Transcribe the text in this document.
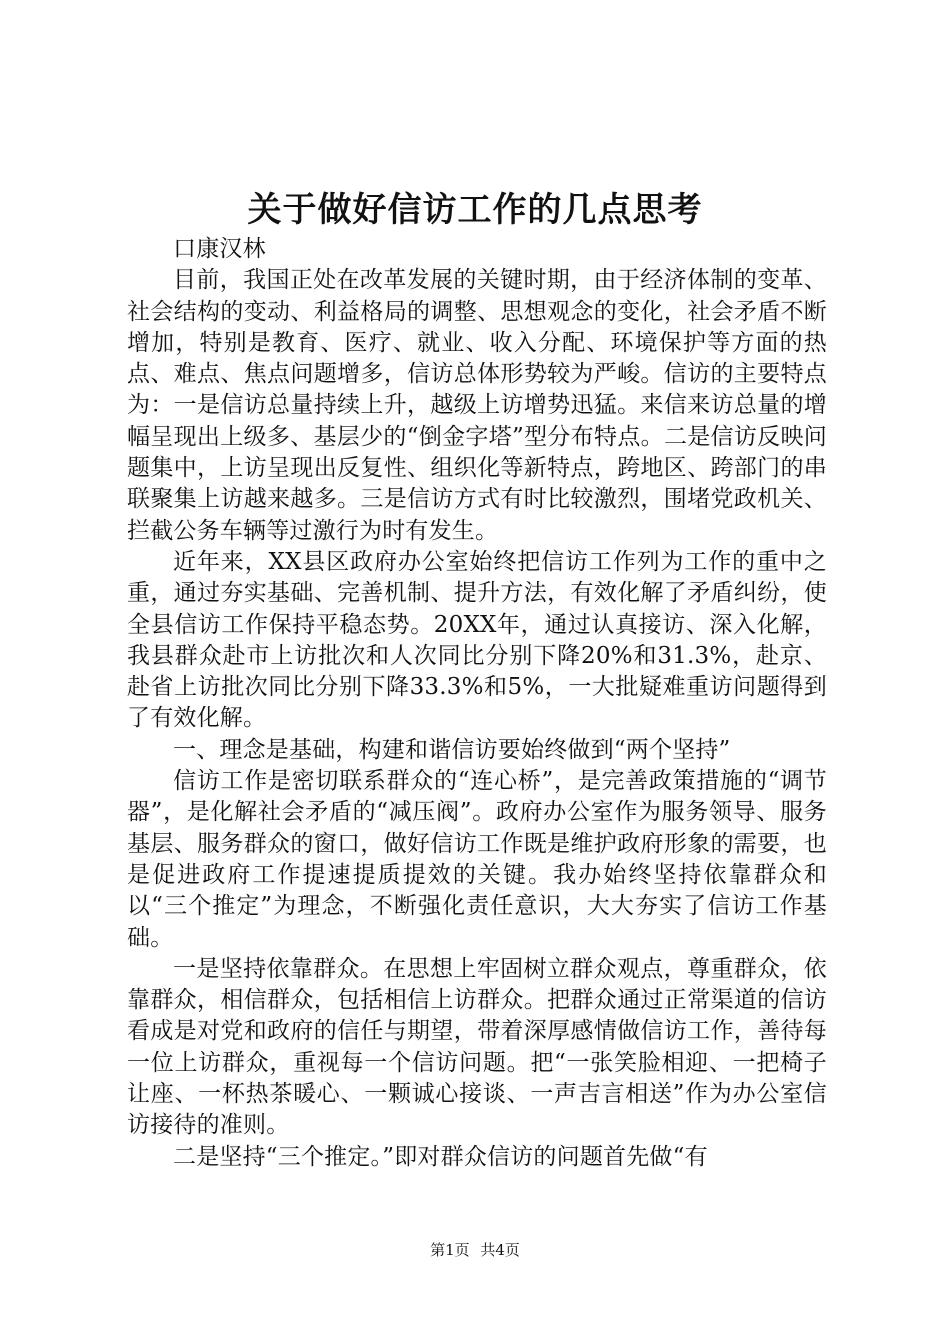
关于做好信访工作的几点思考

口康汉林

目前，我国正处在改革发展的关键时期，由于经济体制的变革、社会结构的变动、利益格局的调整、思想观念的变化，社会矛盾不断增加，特别是教育、医疗、就业、收入分配、环境保护等方面的热点、难点、焦点问题增多，信访总体形势较为严峻。信访的主要特点为：一是信访总量持续上升，越级上访增势迅猛。来信来访总量的增幅呈现出上级多、基层少的“倒金字塔”型分布特点。二是信访反映问题集中，上访呈现出反复性、组织化等新特点，跨地区、跨部门的串联聚集上访越来越多。三是信访方式有时比较激烈，围堵党政机关、拦截公务车辆等过激行为时有发生。

近年来，XX县区政府办公室始终把信访工作列为工作的重中之重，通过夯实基础、完善机制、提升方法，有效化解了矛盾纠纷，使全县信访工作保持平稳态势。20XX年，通过认真接访、深入化解，我县群众赴市上访批次和人次同比分别下降20%和31.3%，赴京、赴省上访批次同比分别下降33.3%和5%，一大批疑难重访问题得到了有效化解。

一、理念是基础，构建和谐信访要始终做到“两个坚持”

信访工作是密切联系群众的“连心桥”，是完善政策措施的“调节器”，是化解社会矛盾的“减压阀”。政府办公室作为服务领导、服务基层、服务群众的窗口，做好信访工作既是维护政府形象的需要，也是促进政府工作提速提质提效的关键。我办始终坚持依靠群众和以“三个推定”为理念，不断强化责任意识，大大夯实了信访工作基础。

一是坚持依靠群众。在思想上牢固树立群众观点，尊重群众，依靠群众，相信群众，包括相信上访群众。把群众通过正常渠道的信访看成是对党和政府的信任与期望，带着深厚感情做信访工作，善待每一位上访群众，重视每一个信访问题。把“一张笑脸相迎、一把椅子让座、一杯热茶暖心、一颗诚心接谈、一声吉言相送”作为办公室信访接待的准则。

二是坚持“三个推定。”即对群众信访的问题首先做“有

第1页 共4页
